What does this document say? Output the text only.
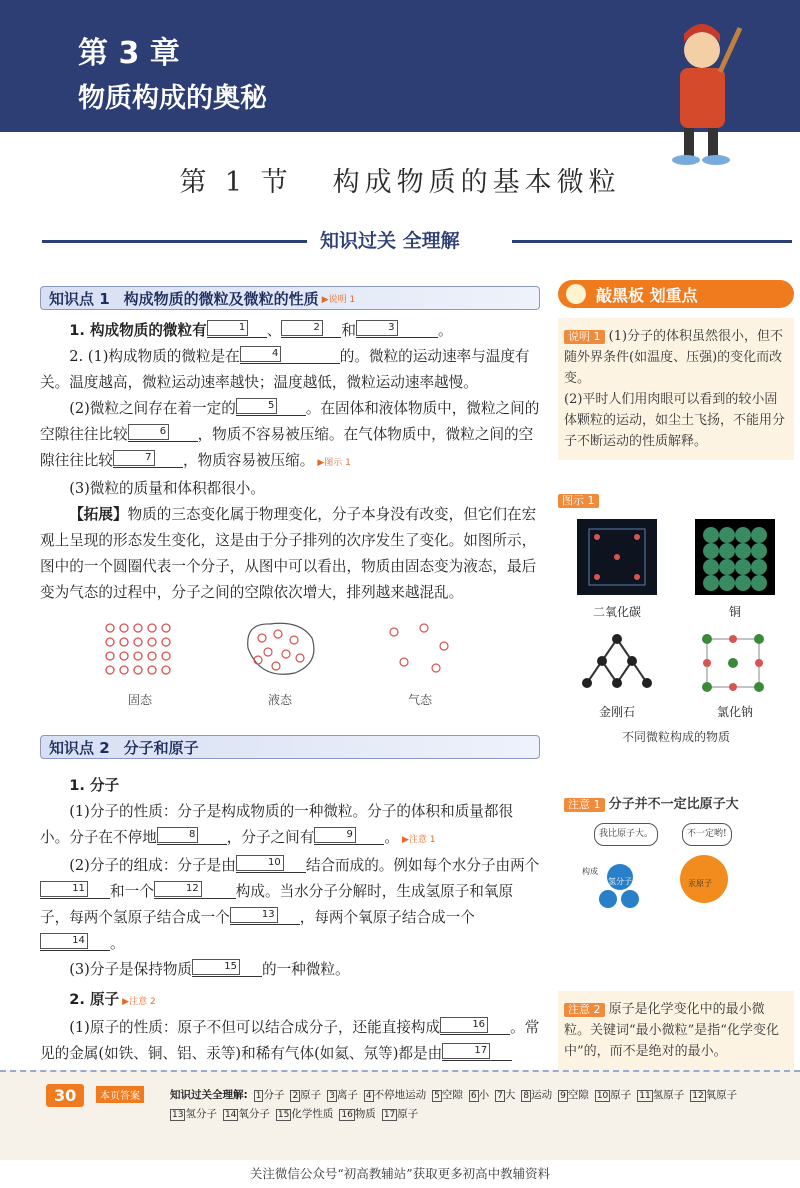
第 3 章
物质构成的奥秘
第 1 节 构成物质的基本微粒
知识过关 全理解
知识点 1 构成物质的微粒及微粒的性质 ▶说明 1

1. 构成物质的微粒有	1 、	2 和	3	。

2. (1)构成物质的微粒是在	4	的。微粒的运动速率与温度有关。温度越高，微粒运动速率越快；温度越低，微粒运动速率越慢。

(2)微粒之间存在着一定的	5 。在固体和液体物质中，微粒之间的空隙往往比较	6 ，物质不容易被压缩。在气体物质中，微粒之间的空隙往往比较	7 ，物质容易被压缩。 ▶图示 1

(3)微粒的质量和体积都很小。

【拓展】物质的三态变化属于物理变化，分子本身没有改变，但它们在宏观上呈现的形态发生变化，这是由于分子排列的次序发生了变化。如图所示，图中的一个圆圈代表一个分子，从图中可以看出，物质由固态变为液态，最后变为气态的过程中，分子之间的空隙依次增大，排列越来越混乱。

固态	液态	气态
知识点 2 分子和原子

1. 分子

(1)分子的性质：分子是构成物质的一种微粒。分子的体积和质量都很小。分子在不停地	8 ，分子之间有	9 。 ▶注意 1

(2)分子的组成：分子是由	10 结合而成的。例如每个水分子由两个
11 和一个	12	构成。当水分子分解时，生成氢原子和氧原子，每两个氢原子结合成一个	13 ，每两个氧原子结合成一个
14 。

(3)分子是保持物质	15 的一种微粒。

2. 原子 ▶注意 2

(1)原子的性质：原子不但可以结合成分子，还能直接构成	16 。常见的金属(如铁、铜、铝、汞等)和稀有气体(如氦、氖等)都是由	17

敲黑板 划重点
说明 1 (1)分子的体积虽然很小，但不随外界条件(如温度、压强)的变化而改变。
(2)平时人们用肉眼可以看到的较小固体颗粒的运动，如尘土飞扬，不能用分子不断运动的性质解释。
图示 1
二氧化碳	铜
金刚石	氯化钠
不同微粒构成的物质
注意 1 分子并不一定比原子大
我比原子大。	不一定哟!
构成
氢分子	汞原子
注意 2 原子是化学变化中的最小微粒。关键词“最小微粒”是指“化学变化中”的，而不是绝对的最小。
30	本页答案	知识过关全理解: 1 分子 2 原子 3 离子 4 不停地运动 5 空隙 6 小 7 大 8 运动 9 空隙 10 原子 11 氢原子 12 氧原子13 氢分子 14 氧分子 15 化学性质 16 物质 17 原子
关注微信公众号“初高教辅站”获取更多初高中教辅资料
